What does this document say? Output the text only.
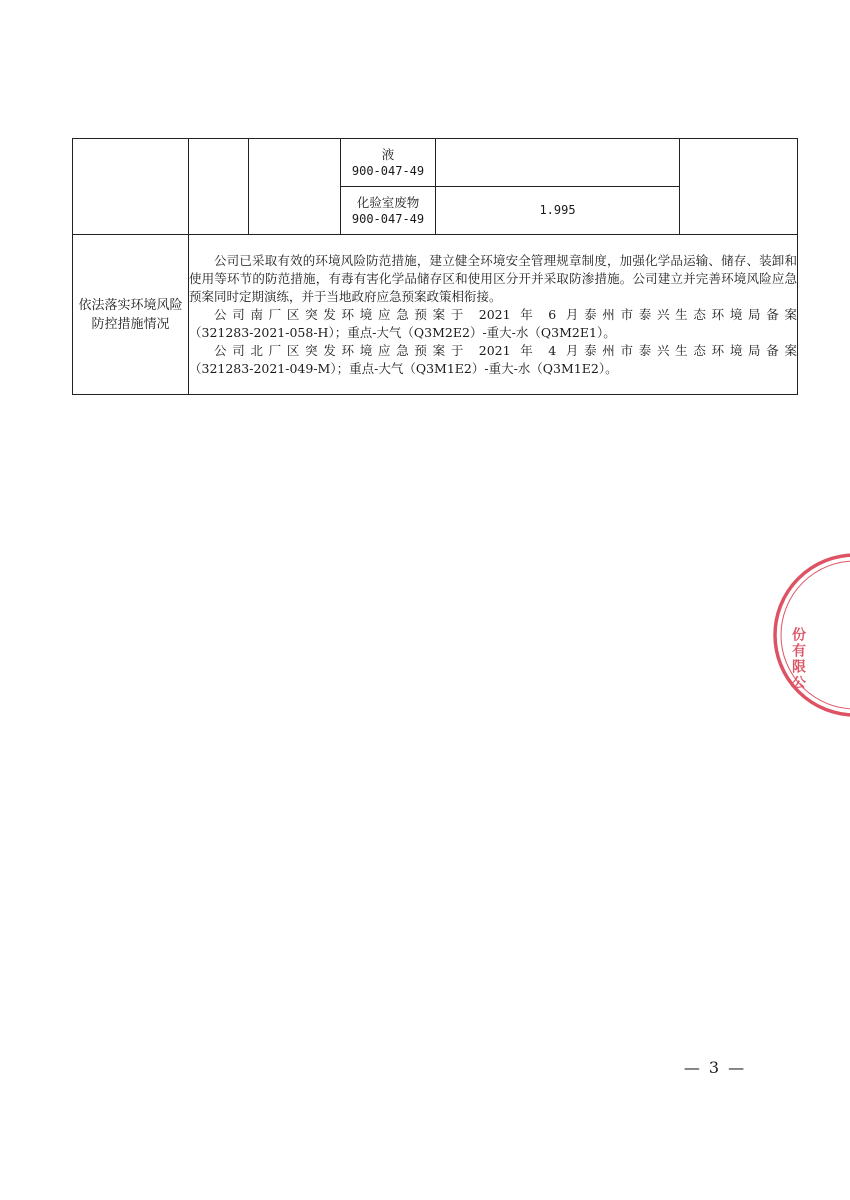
			液
900-047-49		

			化验室废物
900-047-49	1.995	
依法落实环境风险防控措施情况	公司已采取有效的环境风险防范措施，建立健全环境安全管理规章制度，加强化学品运输、储存、装卸和使用等环节的防范措施，有毒有害化学品储存区和使用区分开并采取防渗措施。公司建立并完善环境风险应急预案同时定期演练，并于当地政府应急预案政策相衔接。

公司南厂区突发环境应急预案于 2021 年 6 月泰州市泰兴生态环境局备案

（321283-2021-058-H）；重点-大气（Q3M2E2）-重大-水（Q3M2E1）。

公司北厂区突发环境应急预案于 2021 年 4 月泰州市泰兴生态环境局备案

（321283-2021-049-M）；重点-大气（Q3M1E2）-重大-水（Q3M1E2）。				

份有限公
— 3 —
